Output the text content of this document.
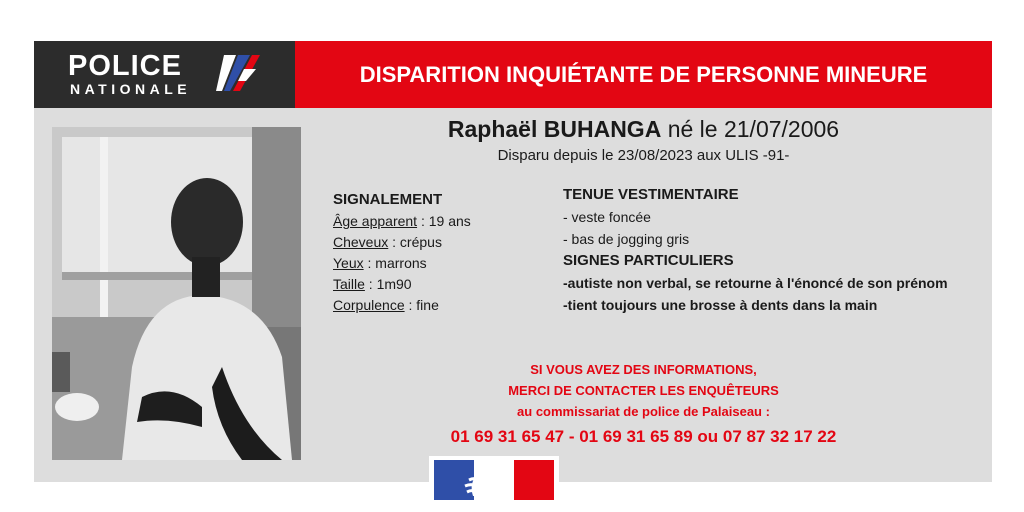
POLICE
NATIONALE
DISPARITION INQUIÉTANTE DE PERSONNE MINEURE
Raphaël BUHANGA né le 21/07/2006
Disparu depuis le 23/08/2023 aux ULIS -91-
SIGNALEMENT
Âge apparent : 19 ans
Cheveux : crépus
Yeux : marrons
Taille : 1m90
Corpulence : fine
TENUE VESTIMENTAIRE
- veste foncée
- bas de jogging gris
SIGNES PARTICULIERS
-autiste non verbal, se retourne à l'énoncé de son prénom
-tient toujours une brosse à dents dans la main
SI VOUS AVEZ DES INFORMATIONS,
MERCI DE CONTACTER LES ENQUÊTEURS
au commissariat de police de Palaiseau :
01 69 31 65 47 - 01 69 31 65 89 ou 07 87 32 17 22
